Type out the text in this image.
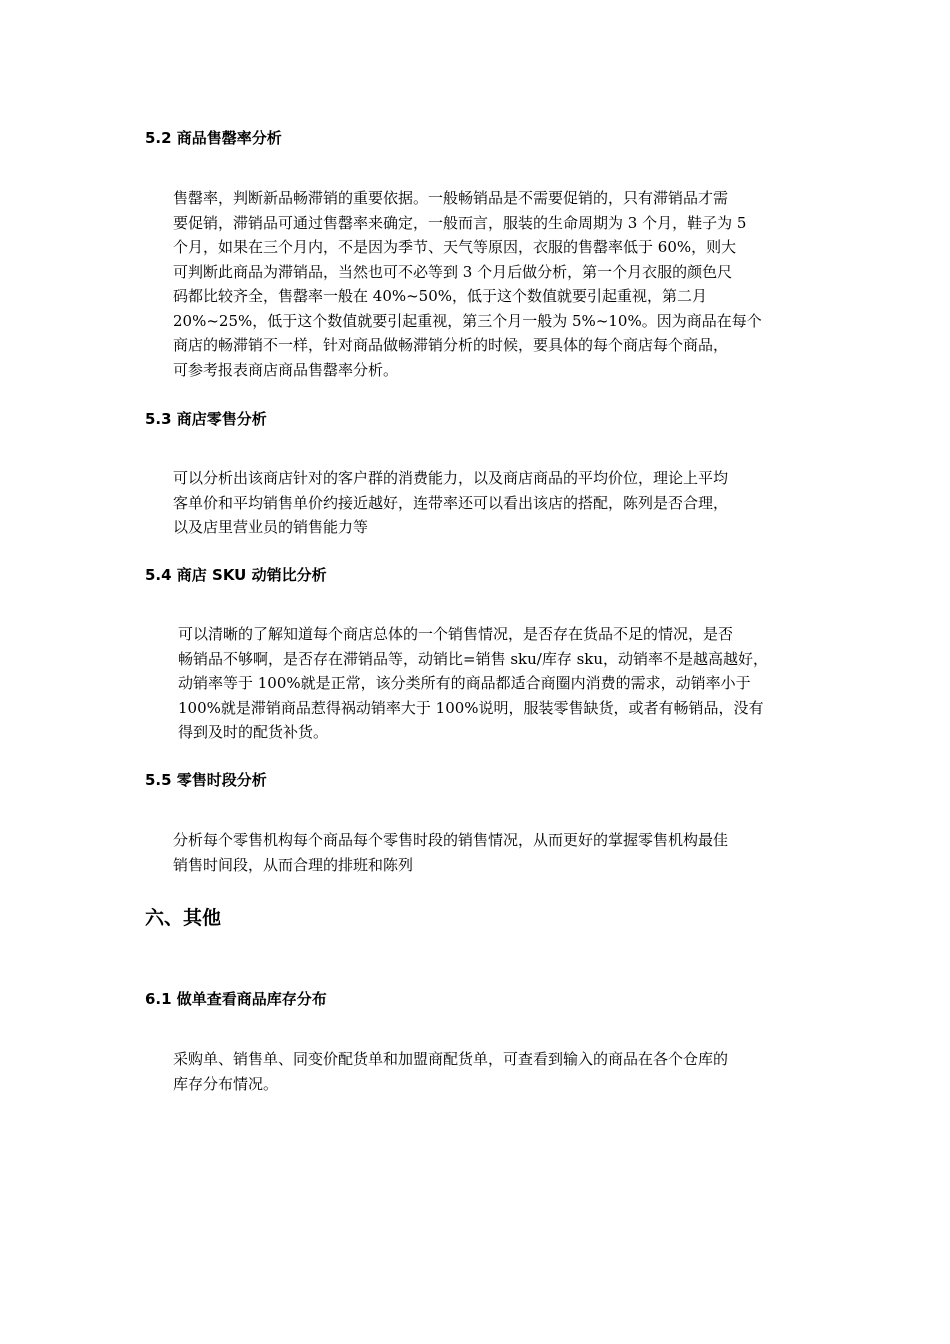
5.2 商品售罄率分析
售罄率，判断新品畅滞销的重要依据。一般畅销品是不需要促销的，只有滞销品才需
要促销，滞销品可通过售罄率来确定，一般而言，服装的生命周期为 3 个月，鞋子为 5
个月，如果在三个月内，不是因为季节、天气等原因，衣服的售罄率低于 60%，则大
可判断此商品为滞销品，当然也可不必等到 3 个月后做分析，第一个月衣服的颜色尺
码都比较齐全，售罄率一般在 40%~50%，低于这个数值就要引起重视，第二月
20%~25%，低于这个数值就要引起重视，第三个月一般为 5%~10%。因为商品在每个
商店的畅滞销不一样，针对商品做畅滞销分析的时候，要具体的每个商店每个商品，
可参考报表商店商品售罄率分析。
5.3 商店零售分析
可以分析出该商店针对的客户群的消费能力，以及商店商品的平均价位，理论上平均
客单价和平均销售单价约接近越好，连带率还可以看出该店的搭配，陈列是否合理，
以及店里营业员的销售能力等
5.4 商店 SKU 动销比分析
可以清晰的了解知道每个商店总体的一个销售情况，是否存在货品不足的情况，是否
畅销品不够啊，是否存在滞销品等，动销比=销售 sku/库存 sku，动销率不是越高越好，
动销率等于 100%就是正常，该分类所有的商品都适合商圈内消费的需求，动销率小于
100%就是滞销商品惹得祸动销率大于 100%说明，服装零售缺货，或者有畅销品，没有
得到及时的配货补货。
5.5 零售时段分析
分析每个零售机构每个商品每个零售时段的销售情况，从而更好的掌握零售机构最佳
销售时间段，从而合理的排班和陈列
六、其他
6.1 做单查看商品库存分布
采购单、销售单、同变价配货单和加盟商配货单，可查看到输入的商品在各个仓库的
库存分布情况。
